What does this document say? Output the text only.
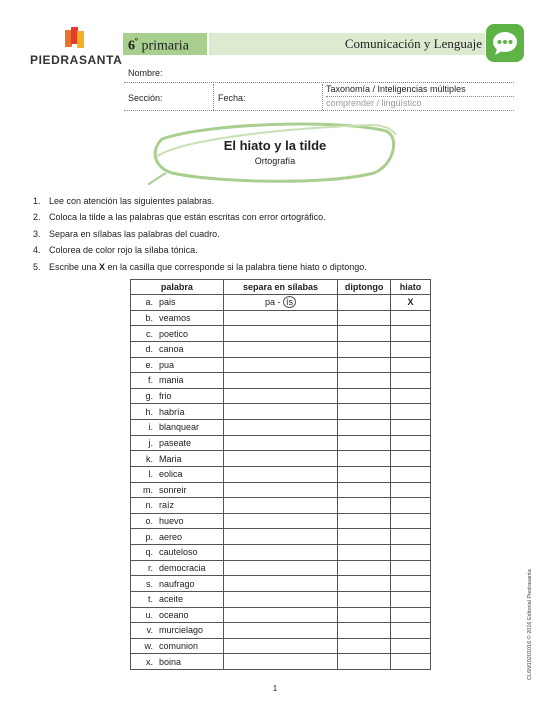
PIEDRASANTA
$6^º$ primaria	Comunicación y Lenguaje
Nombre:
Sección:	Fecha:
Taxonomía / Inteligencias múltiples
comprender / lingüístico
El hiato y la tilde
Ortografía
1. Lee con atención las siguientes palabras.
2. Coloca la tilde a las palabras que están escritas con error ortográfico.
3. Separa en sílabas las palabras del cuadro.
4. Colorea de color rojo la sílaba tónica.
5. Escribe una X en la casilla que corresponde si la palabra tiene hiato o diptongo.
palabra	separa en sílabas	diptongo	hiato
a. pais	pa - ís		X
b. veamos			
c. poetico			
d. canoa			
e. pua			
f. mania			
g. frio			
h. habría			
i. blanquear			
j. paseate			
k. Maria			
l. eolica			
m. sonreir			
n. raíz			
o. huevo			
p. aereo			
q. cauteloso			
r. democracia			
s. naufrago			
t. aceite			
u. oceano			
v. murcielago			
w. comunion			
x. boina				CL6M10201016 © 2016 Editorial Piedrasanta
1
